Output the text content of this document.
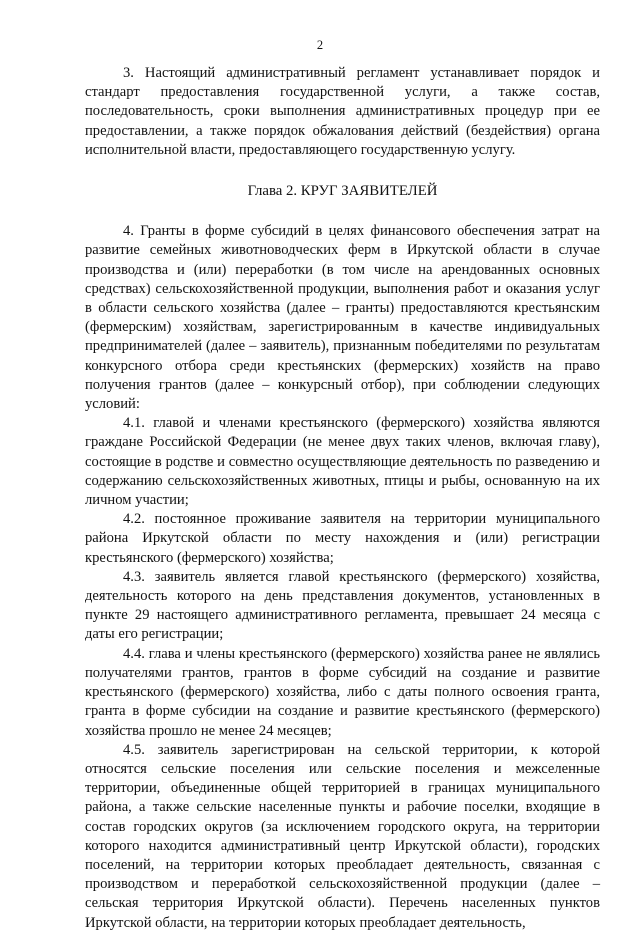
2

3. Настоящий административный регламент устанавливает порядок и стандарт предоставления государственной услуги, а также состав, последовательность, сроки выполнения административных процедур при ее предоставлении, а также порядок обжалования действий (бездействия) органа исполнительной власти, предоставляющего государственную услугу.

Глава 2. КРУГ ЗАЯВИТЕЛЕЙ

4. Гранты в форме субсидий в целях финансового обеспечения затрат на развитие семейных животноводческих ферм в Иркутской области в случае производства и (или) переработки (в том числе на арендованных основных средствах) сельскохозяйственной продукции, выполнения работ и оказания услуг в области сельского хозяйства (далее – гранты) предоставляются крестьянским (фермерским) хозяйствам, зарегистрированным в качестве индивидуальных предпринимателей (далее – заявитель), признанным победителями по результатам конкурсного отбора среди крестьянских (фермерских) хозяйств на право получения грантов (далее – конкурсный отбор), при соблюдении следующих условий:

4.1. главой и членами крестьянского (фермерского) хозяйства являются граждане Российской Федерации (не менее двух таких членов, включая главу), состоящие в родстве и совместно осуществляющие деятельность по разведению и содержанию сельскохозяйственных животных, птицы и рыбы, основанную на их личном участии;

4.2. постоянное проживание заявителя на территории муниципального района Иркутской области по месту нахождения и (или) регистрации крестьянского (фермерского) хозяйства;

4.3. заявитель является главой крестьянского (фермерского) хозяйства, деятельность которого на день представления документов, установленных в пункте 29 настоящего административного регламента, превышает 24 месяца с даты его регистрации;

4.4. глава и члены крестьянского (фермерского) хозяйства ранее не являлись получателями грантов, грантов в форме субсидий на создание и развитие крестьянского (фермерского) хозяйства, либо с даты полного освоения гранта, гранта в форме субсидии на создание и развитие крестьянского (фермерского) хозяйства прошло не менее 24 месяцев;

4.5. заявитель зарегистрирован на сельской территории, к которой относятся сельские поселения или сельские поселения и межселенные территории, объединенные общей территорией в границах муниципального района, а также сельские населенные пункты и рабочие поселки, входящие в состав городских округов (за исключением городского округа, на территории которого находится административный центр Иркутской области), городских поселений, на территории которых преобладает деятельность, связанная с производством и переработкой сельскохозяйственной продукции (далее – сельская территория Иркутской области). Перечень населенных пунктов Иркутской области, на территории которых преобладает деятельность,
